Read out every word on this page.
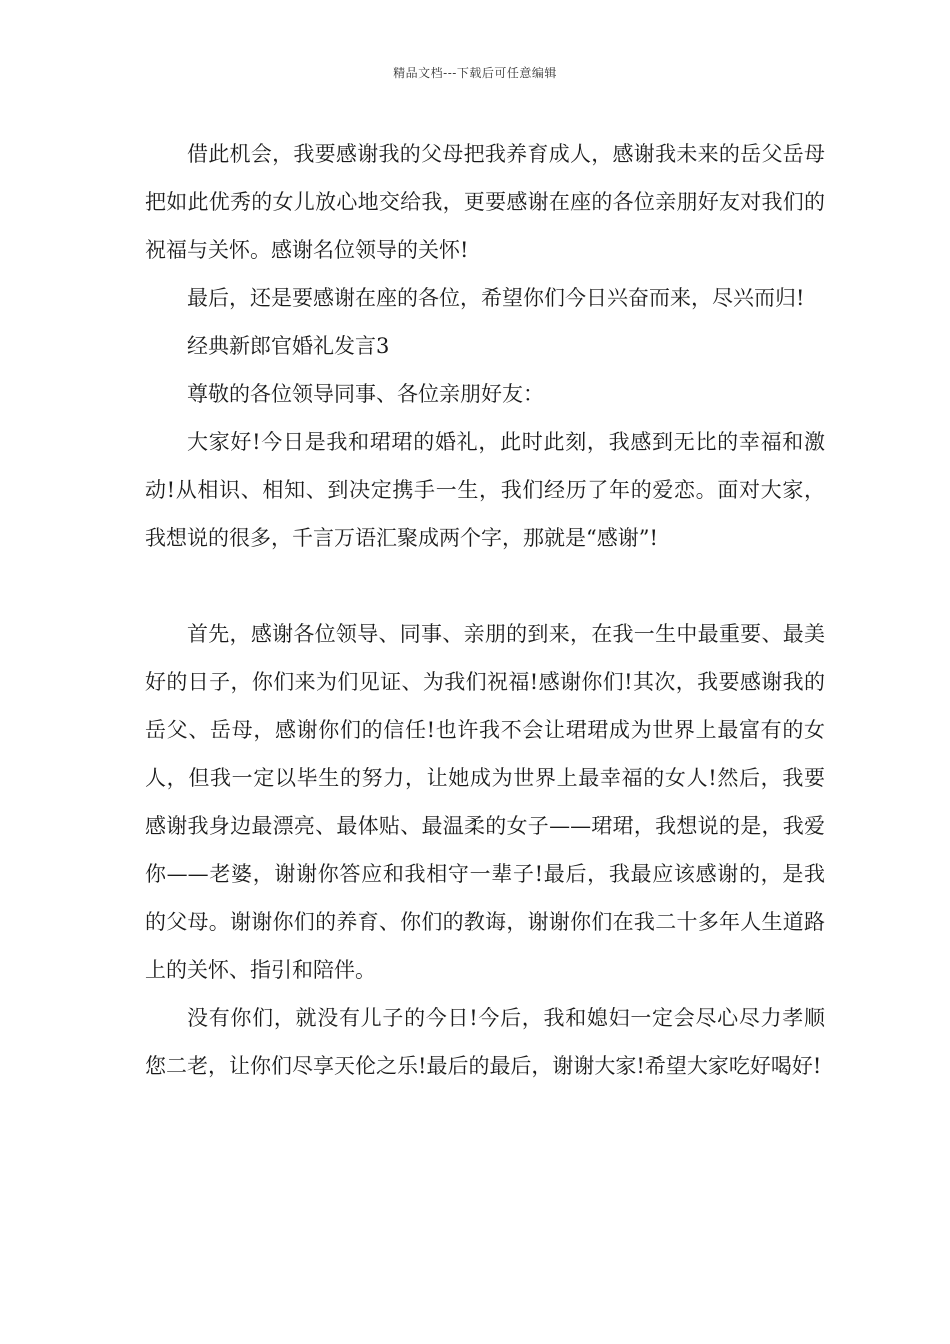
精品文档---下载后可任意编辑

借此机会，我要感谢我的父母把我养育成人，感谢我未来的岳父岳母把如此优秀的女儿放心地交给我，更要感谢在座的各位亲朋好友对我们的祝福与关怀。感谢名位领导的关怀!

最后，还是要感谢在座的各位，希望你们今日兴奋而来，尽兴而归!

经典新郎官婚礼发言3

尊敬的各位领导同事、各位亲朋好友：

大家好!今日是我和珺珺的婚礼，此时此刻，我感到无比的幸福和激动!从相识、相知、到决定携手一生，我们经历了年的爱恋。面对大家，我想说的很多，千言万语汇聚成两个字，那就是“感谢”!

首先，感谢各位领导、同事、亲朋的到来，在我一生中最重要、最美好的日子，你们来为们见证、为我们祝福!感谢你们!其次，我要感谢我的岳父、岳母，感谢你们的信任!也许我不会让珺珺成为世界上最富有的女人，但我一定以毕生的努力，让她成为世界上最幸福的女人!然后，我要感谢我身边最漂亮、最体贴、最温柔的女子——珺珺，我想说的是，我爱你——老婆，谢谢你答应和我相守一辈子!最后，我最应该感谢的，是我的父母。谢谢你们的养育、你们的教诲，谢谢你们在我二十多年人生道路上的关怀、指引和陪伴。

没有你们，就没有儿子的今日!今后，我和媳妇一定会尽心尽力孝顺您二老，让你们尽享天伦之乐!最后的最后，谢谢大家!希望大家吃好喝好!
